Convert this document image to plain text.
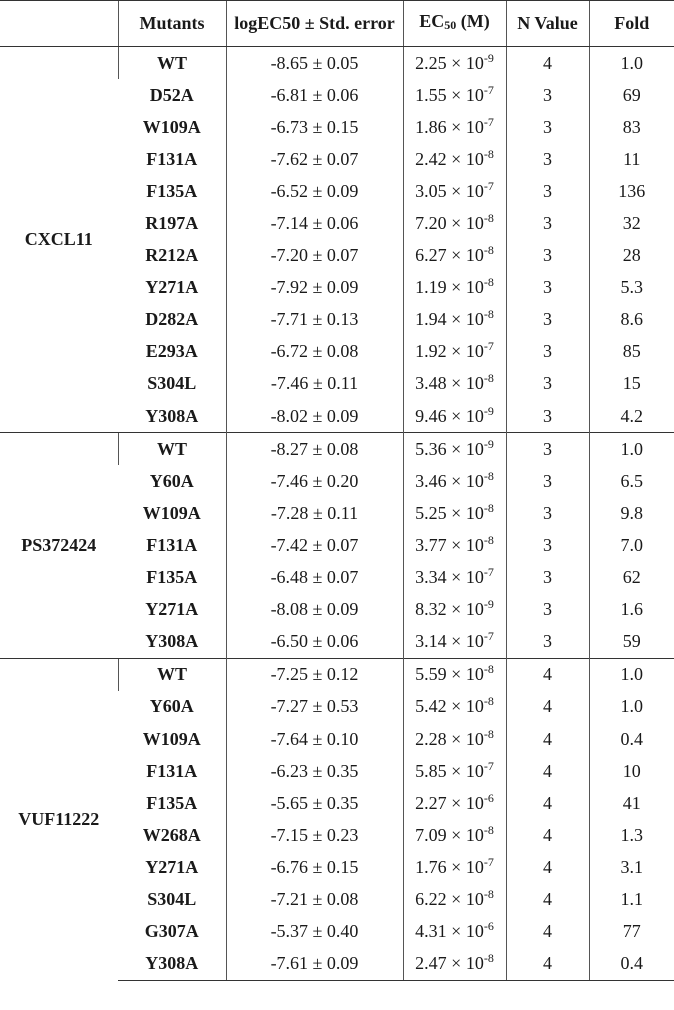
	Mutants	logEC50 ± Std. error	$EC_{50}$ (M)	N Value	Fold
CXCL11	WT	-8.65 ± 0.05	$2.25 \times 10^{-9}$	4	1.0
	D52A	-6.81 ± 0.06	$1.55 \times 10^{-7}$	3	69
	W109A	-6.73 ± 0.15	$1.86 \times 10^{-7}$	3	83
	F131A	-7.62 ± 0.07	$2.42 \times 10^{-8}$	3	11
	F135A	-6.52 ± 0.09	$3.05 \times 10^{-7}$	3	136
	R197A	-7.14 ± 0.06	$7.20 \times 10^{-8}$	3	32
	R212A	-7.20 ± 0.07	$6.27 \times 10^{-8}$	3	28
	Y271A	-7.92 ± 0.09	$1.19 \times 10^{-8}$	3	5.3
	D282A	-7.71 ± 0.13	$1.94 \times 10^{-8}$	3	8.6
	E293A	-6.72 ± 0.08	$1.92 \times 10^{-7}$	3	85
	S304L	-7.46 ± 0.11	$3.48 \times 10^{-8}$	3	15
	Y308A	-8.02 ± 0.09	$9.46 \times 10^{-9}$	3	4.2
PS372424	WT	-8.27 ± 0.08	$5.36 \times 10^{-9}$	3	1.0
	Y60A	-7.46 ± 0.20	$3.46 \times 10^{-8}$	3	6.5
	W109A	-7.28 ± 0.11	$5.25 \times 10^{-8}$	3	9.8
	F131A	-7.42 ± 0.07	$3.77 \times 10^{-8}$	3	7.0
	F135A	-6.48 ± 0.07	$3.34 \times 10^{-7}$	3	62
	Y271A	-8.08 ± 0.09	$8.32 \times 10^{-9}$	3	1.6
	Y308A	-6.50 ± 0.06	$3.14 \times 10^{-7}$	3	59
VUF11222	WT	-7.25 ± 0.12	$5.59 \times 10^{-8}$	4	1.0
	Y60A	-7.27 ± 0.53	$5.42 \times 10^{-8}$	4	1.0
	W109A	-7.64 ± 0.10	$2.28 \times 10^{-8}$	4	0.4
	F131A	-6.23 ± 0.35	$5.85 \times 10^{-7}$	4	10
	F135A	-5.65 ± 0.35	$2.27 \times 10^{-6}$	4	41
	W268A	-7.15 ± 0.23	$7.09 \times 10^{-8}$	4	1.3
	Y271A	-6.76 ± 0.15	$1.76 \times 10^{-7}$	4	3.1
	S304L	-7.21 ± 0.08	$6.22 \times 10^{-8}$	4	1.1
	G307A	-5.37 ± 0.40	$4.31 \times 10^{-6}$	4	77
	Y308A	-7.61 ± 0.09	$2.47 \times 10^{-8}$	4	0.4
